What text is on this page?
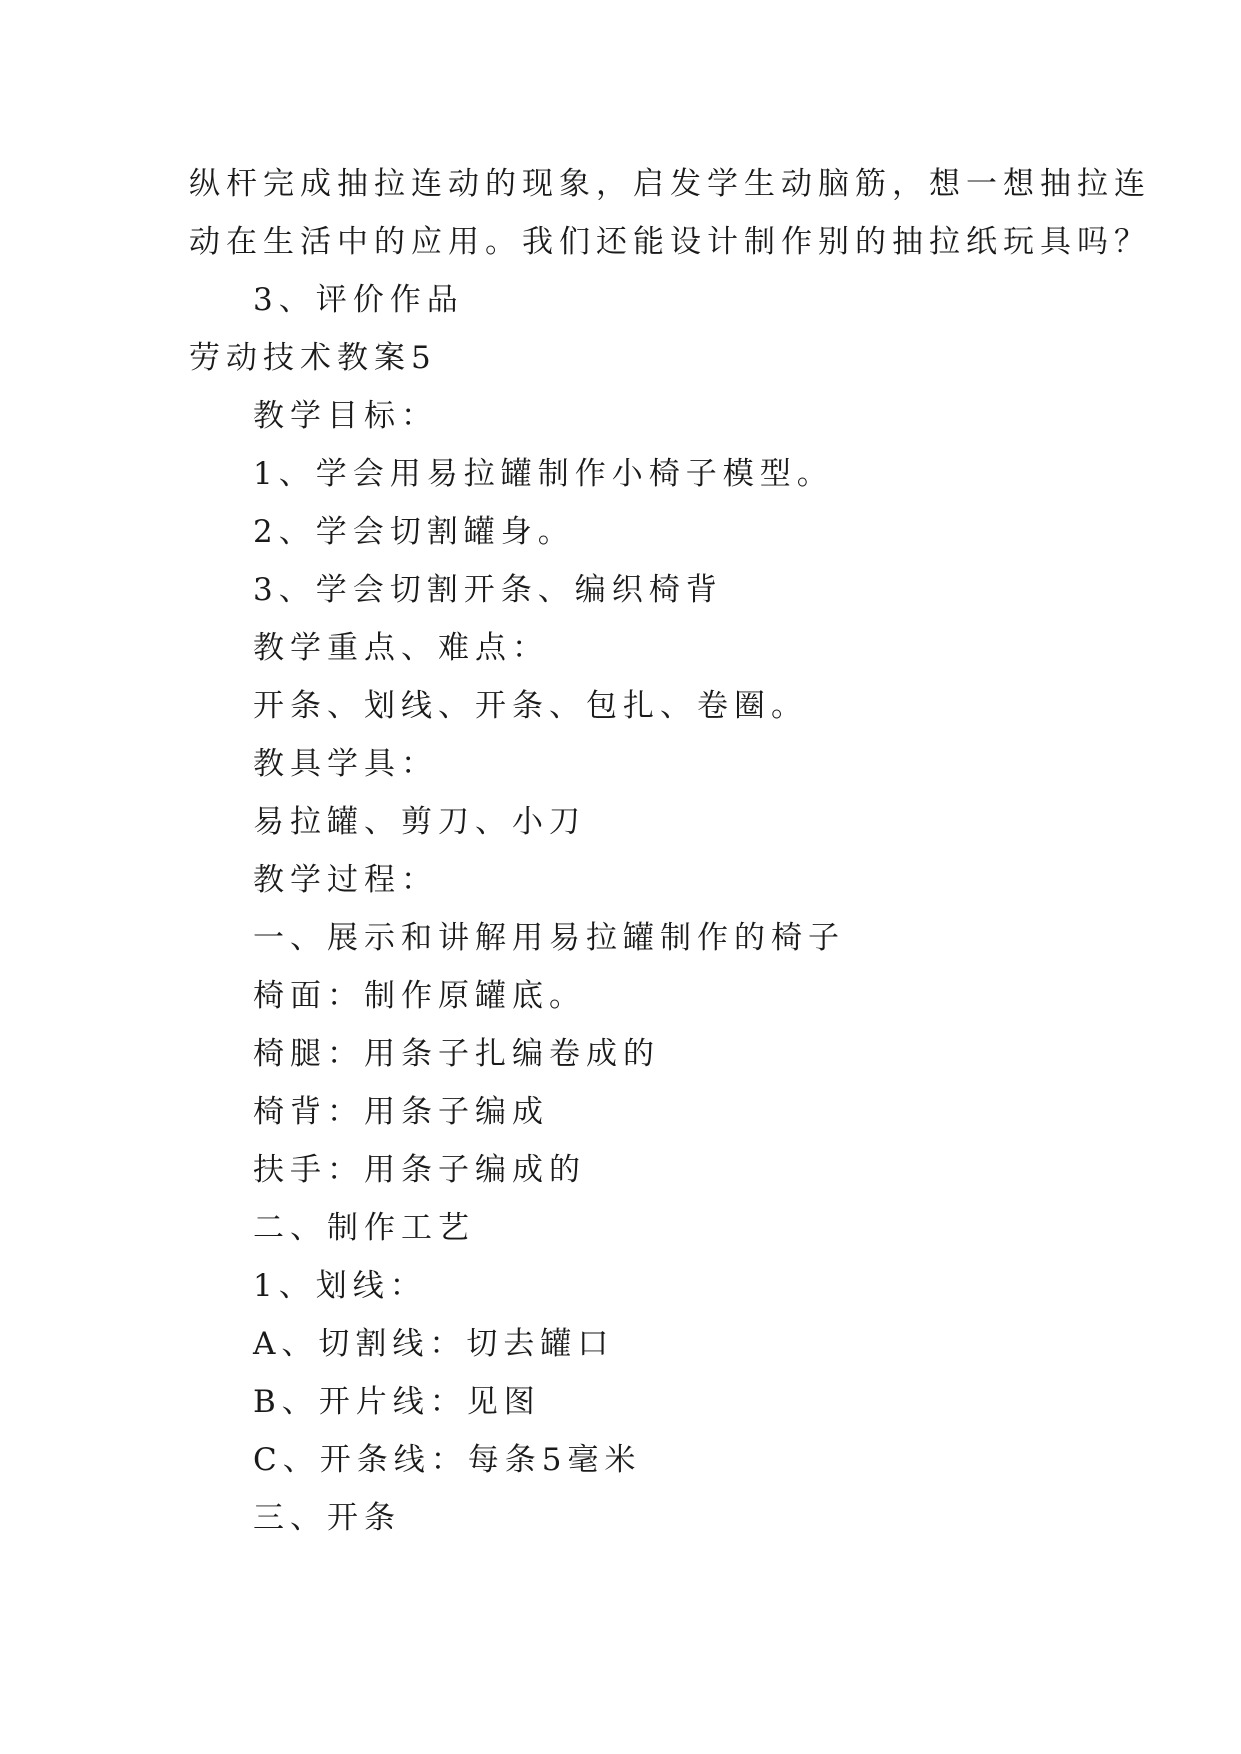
纵杆完成抽拉连动的现象，启发学生动脑筋，想一想抽拉连
动在生活中的应用。我们还能设计制作别的抽拉纸玩具吗？
3、评价作品
劳动技术教案5
教学目标：
1、学会用易拉罐制作小椅子模型。
2、学会切割罐身。
3、学会切割开条、编织椅背
教学重点、难点：
开条、划线、开条、包扎、卷圈。
教具学具：
易拉罐、剪刀、小刀
教学过程：
一、展示和讲解用易拉罐制作的椅子
椅面：制作原罐底。
椅腿：用条子扎编卷成的
椅背：用条子编成
扶手：用条子编成的
二、制作工艺
1、划线：
A、切割线：切去罐口
B、开片线：见图
C、开条线：每条5毫米
三、开条
